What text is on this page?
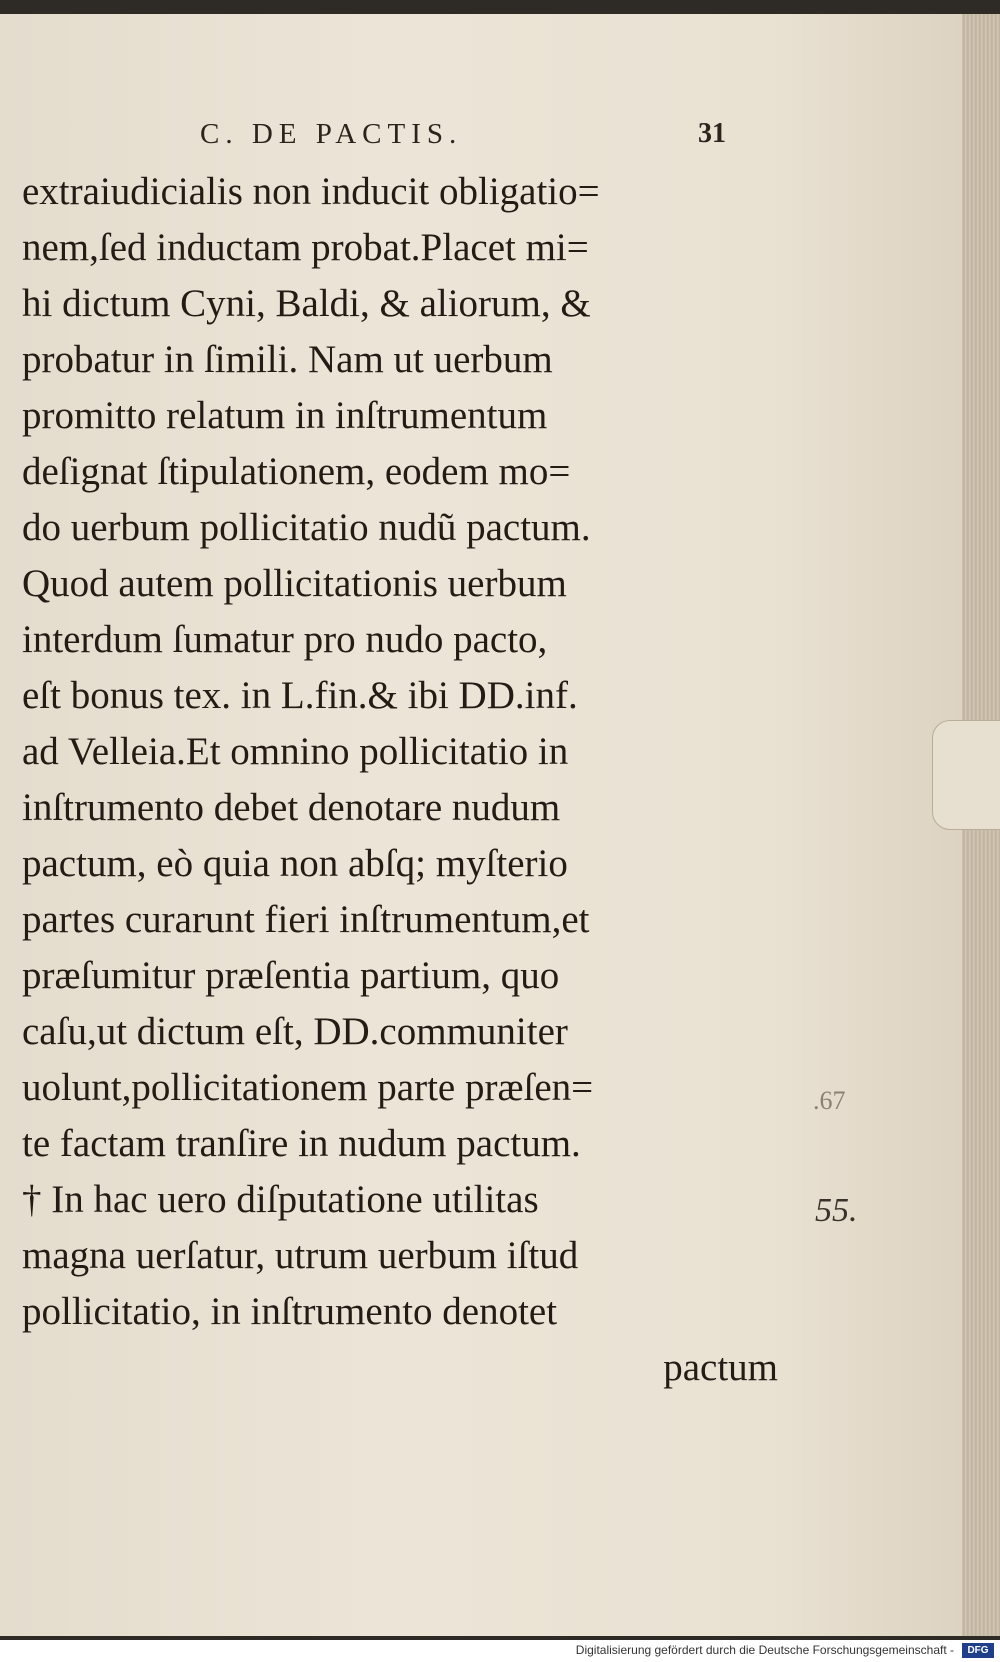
C. DE PACTIS.	31
extraiudicialis non inducit obligatio=
nem,ſed inductam probat.Placet mi=
hi dictum Cyni, Baldi, & aliorum, &
probatur in ſimili. Nam ut uerbum
promitto relatum in inſtrumentum
deſignat ſtipulationem, eodem mo=
do uerbum pollicitatio nudũ pactum.
Quod autem pollicitationis uerbum
interdum ſumatur pro nudo pacto,
eſt bonus tex. in L.fin.& ibi DD.inf.
ad Velleia.Et omnino pollicitatio in
inſtrumento debet denotare nudum
pactum, eò quia non abſq; myſterio
partes curarunt fieri inſtrumentum,et
præſumitur præſentia partium, quo
caſu,ut dictum eſt, DD.communiter
uolunt,pollicitationem parte præſen=
te factam tranſire in nudum pactum.
† In hac uero diſputatione utilitas
magna uerſatur, utrum uerbum iſtud
pollicitatio, in inſtrumento denotet
pactum
.67
55.
Digitalisierung gefördert durch die Deutsche Forschungsgemeinschaft -	DFG
